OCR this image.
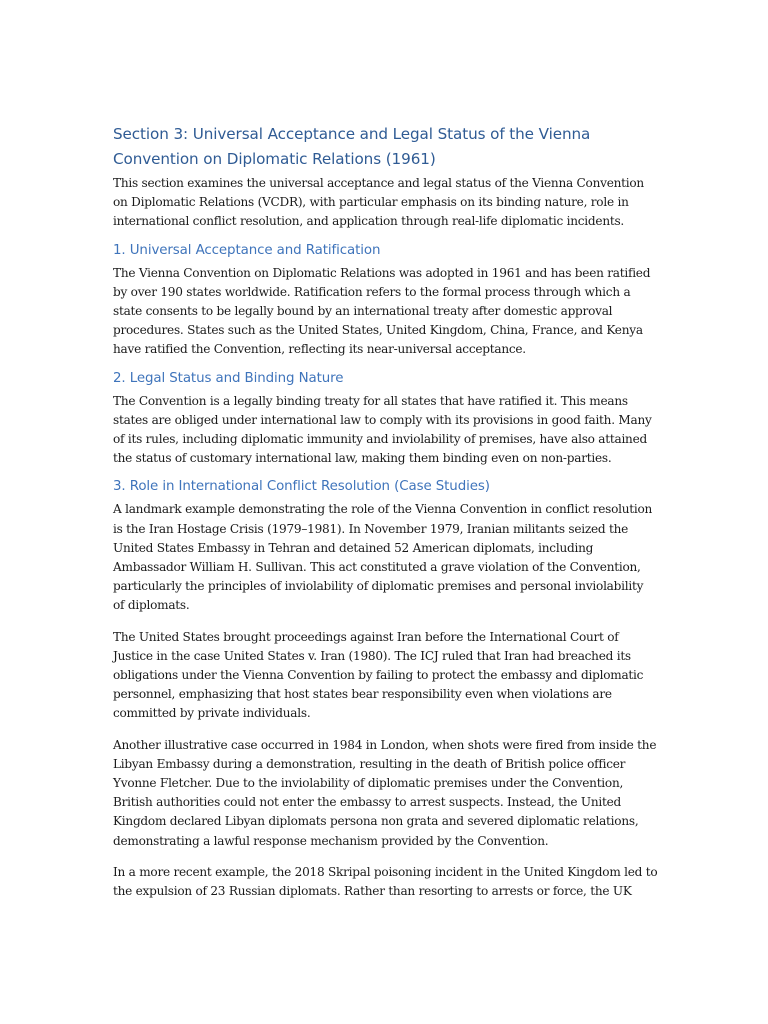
Section 3: Universal Acceptance and Legal Status of the Vienna Convention on Diplomatic Relations (1961)

This section examines the universal acceptance and legal status of the Vienna Convention on Diplomatic Relations (VCDR), with particular emphasis on its binding nature, role in international conflict resolution, and application through real-life diplomatic incidents.

1. Universal Acceptance and Ratification

The Vienna Convention on Diplomatic Relations was adopted in 1961 and has been ratified by over 190 states worldwide. Ratification refers to the formal process through which a state consents to be legally bound by an international treaty after domestic approval procedures. States such as the United States, United Kingdom, China, France, and Kenya have ratified the Convention, reflecting its near-universal acceptance.

2. Legal Status and Binding Nature

The Convention is a legally binding treaty for all states that have ratified it. This means states are obliged under international law to comply with its provisions in good faith. Many of its rules, including diplomatic immunity and inviolability of premises, have also attained the status of customary international law, making them binding even on non-parties.

3. Role in International Conflict Resolution (Case Studies)

A landmark example demonstrating the role of the Vienna Convention in conflict resolution is the Iran Hostage Crisis (1979–1981). In November 1979, Iranian militants seized the United States Embassy in Tehran and detained 52 American diplomats, including Ambassador William H. Sullivan. This act constituted a grave violation of the Convention, particularly the principles of inviolability of diplomatic premises and personal inviolability of diplomats.

The United States brought proceedings against Iran before the International Court of Justice in the case United States v. Iran (1980). The ICJ ruled that Iran had breached its obligations under the Vienna Convention by failing to protect the embassy and diplomatic personnel, emphasizing that host states bear responsibility even when violations are committed by private individuals.

Another illustrative case occurred in 1984 in London, when shots were fired from inside the Libyan Embassy during a demonstration, resulting in the death of British police officer Yvonne Fletcher. Due to the inviolability of diplomatic premises under the Convention, British authorities could not enter the embassy to arrest suspects. Instead, the United Kingdom declared Libyan diplomats persona non grata and severed diplomatic relations, demonstrating a lawful response mechanism provided by the Convention.

In a more recent example, the 2018 Skripal poisoning incident in the United Kingdom led to the expulsion of 23 Russian diplomats. Rather than resorting to arrests or force, the UK
